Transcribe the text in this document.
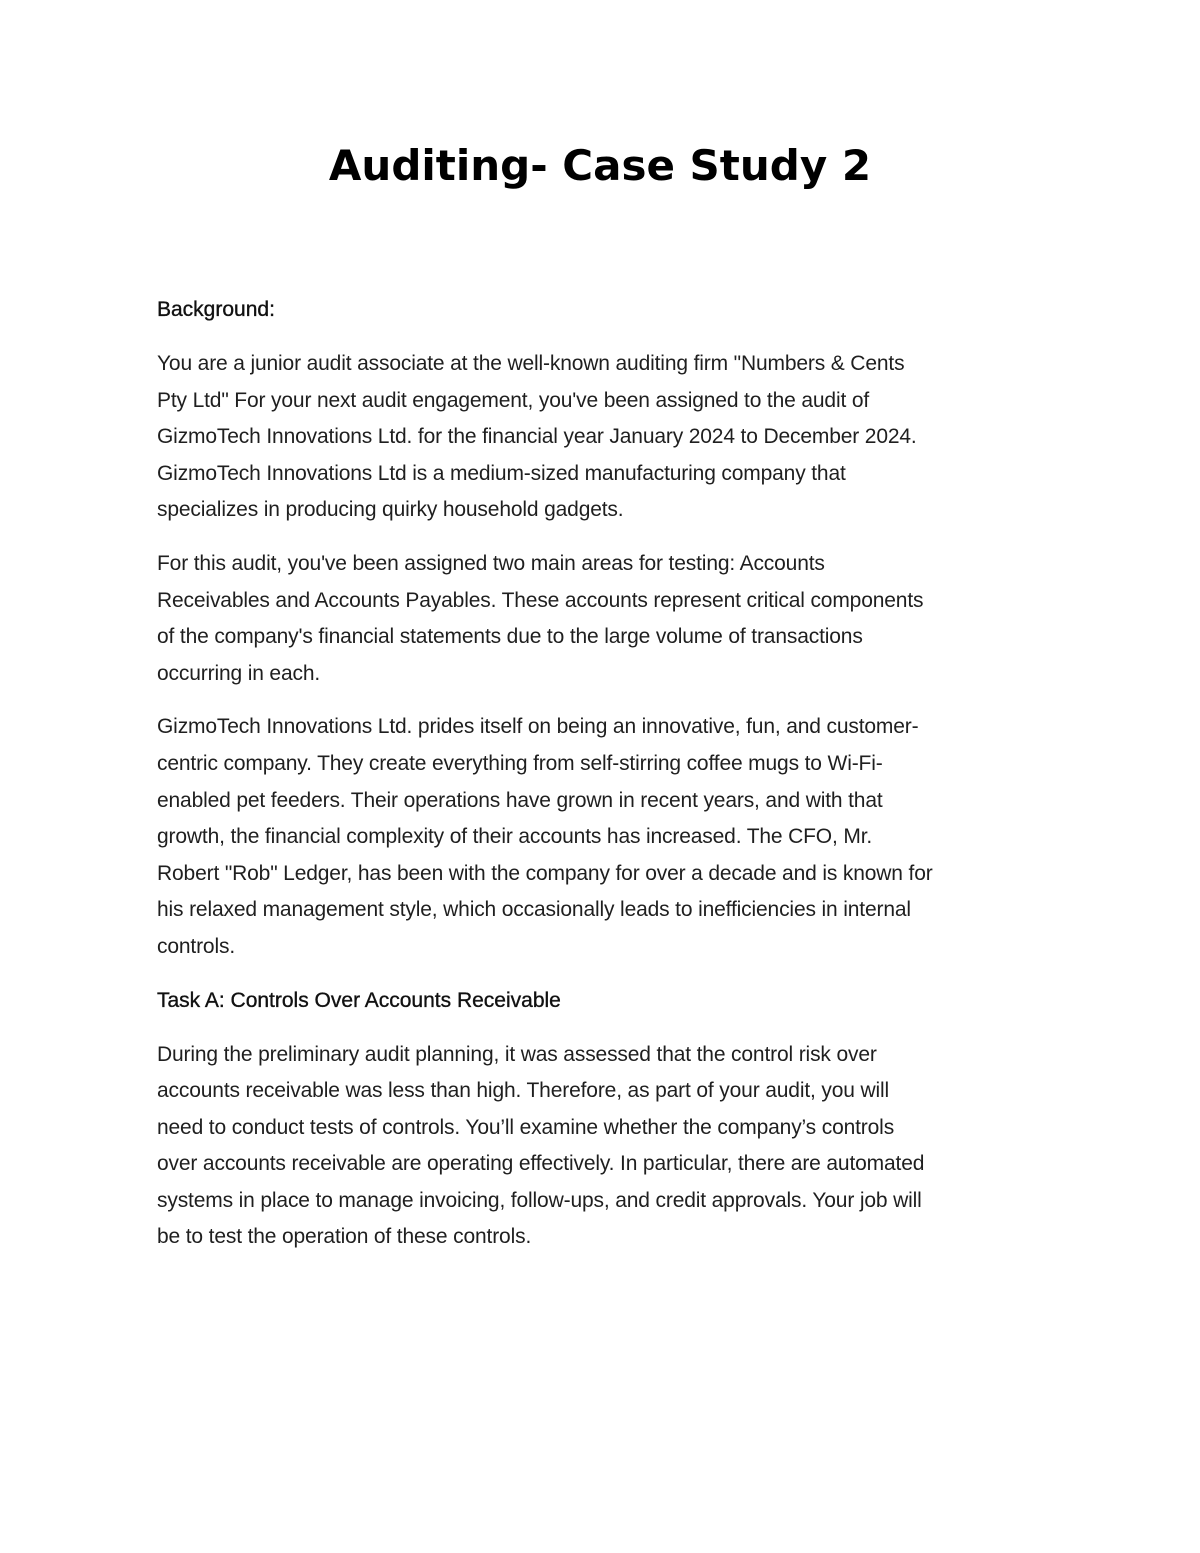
Auditing- Case Study 2
Background:

You are a junior audit associate at the well-known auditing firm "Numbers & Cents
Pty Ltd" For your next audit engagement, you've been assigned to the audit of
GizmoTech Innovations Ltd. for the financial year January 2024 to December 2024.
GizmoTech Innovations Ltd is a medium-sized manufacturing company that
specializes in producing quirky household gadgets.

For this audit, you've been assigned two main areas for testing: Accounts
Receivables and Accounts Payables. These accounts represent critical components
of the company's financial statements due to the large volume of transactions
occurring in each.

GizmoTech Innovations Ltd. prides itself on being an innovative, fun, and customer-
centric company. They create everything from self-stirring coffee mugs to Wi-Fi-
enabled pet feeders. Their operations have grown in recent years, and with that
growth, the financial complexity of their accounts has increased. The CFO, Mr.
Robert "Rob" Ledger, has been with the company for over a decade and is known for
his relaxed management style, which occasionally leads to inefficiencies in internal
controls.

Task A: Controls Over Accounts Receivable

During the preliminary audit planning, it was assessed that the control risk over
accounts receivable was less than high. Therefore, as part of your audit, you will
need to conduct tests of controls. You’ll examine whether the company’s controls
over accounts receivable are operating effectively. In particular, there are automated
systems in place to manage invoicing, follow-ups, and credit approvals. Your job will
be to test the operation of these controls.
